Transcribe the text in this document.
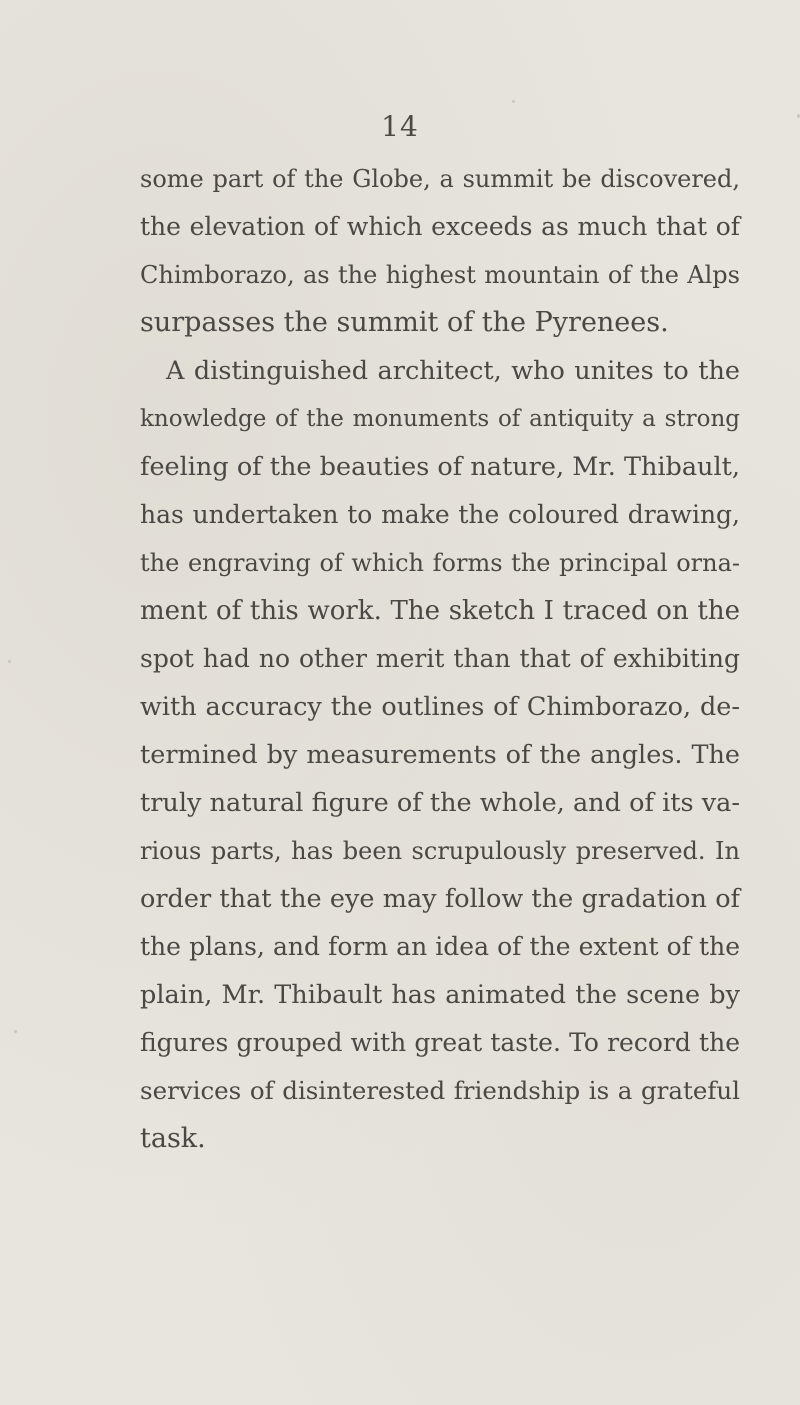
14
some part of the Globe, a summit be discovered,
the elevation of which exceeds as much that of
Chimborazo, as the highest mountain of the Alps
surpasses the summit of the Pyrenees.
A distinguished architect, who unites to the
knowledge of the monuments of antiquity a strong
feeling of the beauties of nature, Mr. Thibault,
has undertaken to make the coloured drawing,
the engraving of which forms the principal orna-
ment of this work. The sketch I traced on the
spot had no other merit than that of exhibiting
with accuracy the outlines of Chimborazo, de-
termined by measurements of the angles. The
truly natural figure of the whole, and of its va-
rious parts, has been scrupulously preserved. In
order that the eye may follow the gradation of
the plans, and form an idea of the extent of the
plain, Mr. Thibault has animated the scene by
figures grouped with great taste. To record the
services of disinterested friendship is a grateful
task.
